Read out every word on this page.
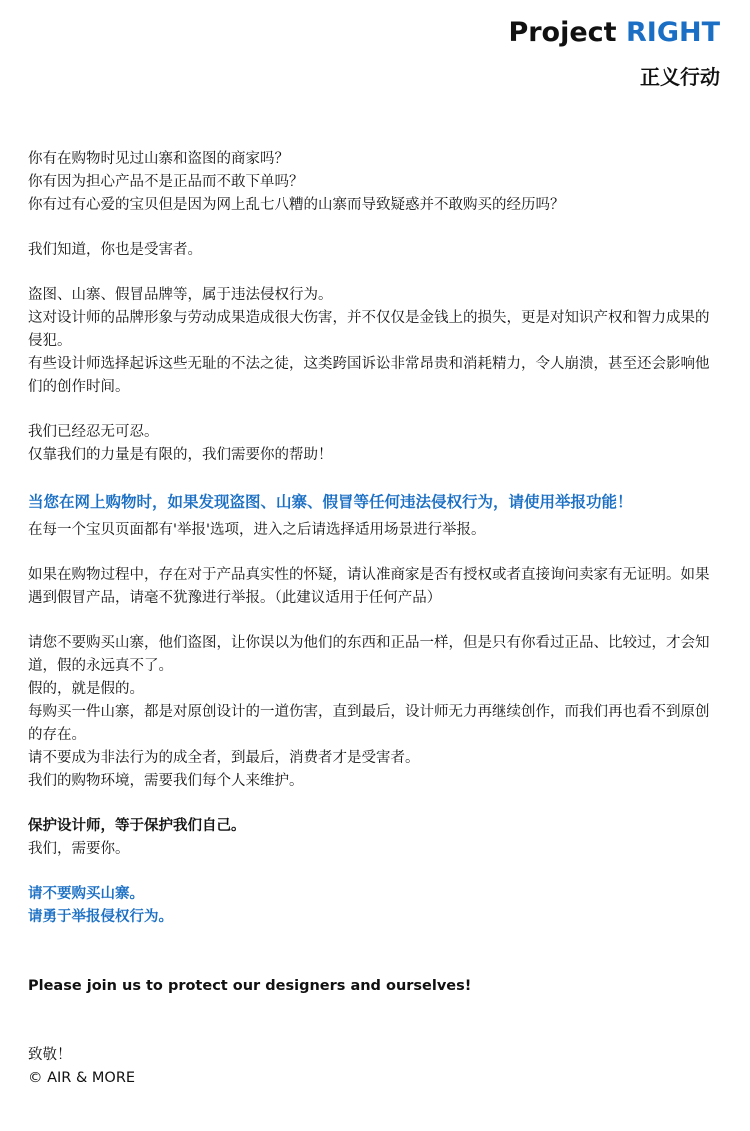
Project RIGHT
正义行动

你有在购物时见过山寨和盗图的商家吗？
你有因为担心产品不是正品而不敢下单吗？
你有过有心爱的宝贝但是因为网上乱七八糟的山寨而导致疑惑并不敢购买的经历吗？

我们知道，你也是受害者。

盗图、山寨、假冒品牌等，属于违法侵权行为。
这对设计师的品牌形象与劳动成果造成很大伤害，并不仅仅是金钱上的损失，更是对知识产权和智力成果的侵犯。
有些设计师选择起诉这些无耻的不法之徒，这类跨国诉讼非常昂贵和消耗精力，令人崩溃，甚至还会影响他们的创作时间。

我们已经忍无可忍。
仅靠我们的力量是有限的，我们需要你的帮助！

当您在网上购物时，如果发现盗图、山寨、假冒等任何违法侵权行为，请使用举报功能！

在每一个宝贝页面都有'举报'选项，进入之后请选择适用场景进行举报。

如果在购物过程中，存在对于产品真实性的怀疑，请认准商家是否有授权或者直接询问卖家有无证明。如果遇到假冒产品，请毫不犹豫进行举报。（此建议适用于任何产品）

请您不要购买山寨，他们盗图，让你误以为他们的东西和正品一样，但是只有你看过正品、比较过，才会知道，假的永远真不了。
假的，就是假的。
每购买一件山寨，都是对原创设计的一道伤害，直到最后，设计师无力再继续创作，而我们再也看不到原创的存在。
请不要成为非法行为的成全者，到最后，消费者才是受害者。
我们的购物环境，需要我们每个人来维护。

保护设计师，等于保护我们自己。
我们，需要你。

请不要购买山寨。
请勇于举报侵权行为。

Please join us to protect our designers and ourselves!

致敬！
© AIR & MORE
